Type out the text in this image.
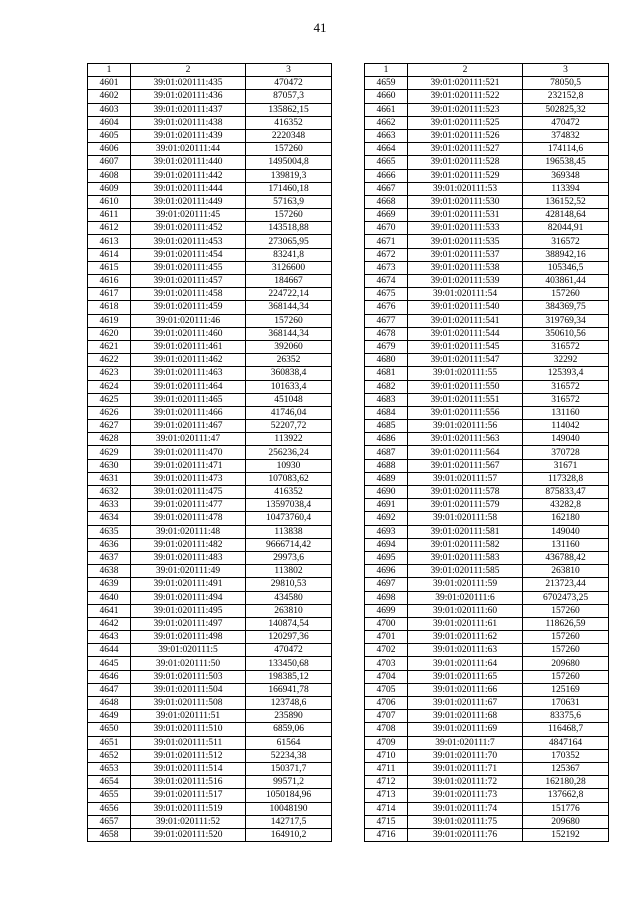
41
1	2	3
4601	39:01:020111:435	470472
4602	39:01:020111:436	87057,3
4603	39:01:020111:437	135862,15
4604	39:01:020111:438	416352
4605	39:01:020111:439	2220348
4606	39:01:020111:44	157260
4607	39:01:020111:440	1495004,8
4608	39:01:020111:442	139819,3
4609	39:01:020111:444	171460,18
4610	39:01:020111:449	57163,9
4611	39:01:020111:45	157260
4612	39:01:020111:452	143518,88
4613	39:01:020111:453	273065,95
4614	39:01:020111:454	83241,8
4615	39:01:020111:455	3126600
4616	39:01:020111:457	184667
4617	39:01:020111:458	224722,14
4618	39:01:020111:459	368144,34
4619	39:01:020111:46	157260
4620	39:01:020111:460	368144,34
4621	39:01:020111:461	392060
4622	39:01:020111:462	26352
4623	39:01:020111:463	360838,4
4624	39:01:020111:464	101633,4
4625	39:01:020111:465	451048
4626	39:01:020111:466	41746,04
4627	39:01:020111:467	52207,72
4628	39:01:020111:47	113922
4629	39:01:020111:470	256236,24
4630	39:01:020111:471	10930
4631	39:01:020111:473	107083,62
4632	39:01:020111:475	416352
4633	39:01:020111:477	13597038,4
4634	39:01:020111:478	10473760,4
4635	39:01:020111:48	113838
4636	39:01:020111:482	9666714,42
4637	39:01:020111:483	29973,6
4638	39:01:020111:49	113802
4639	39:01:020111:491	29810,53
4640	39:01:020111:494	434580
4641	39:01:020111:495	263810
4642	39:01:020111:497	140874,54
4643	39:01:020111:498	120297,36
4644	39:01:020111:5	470472
4645	39:01:020111:50	133450,68
4646	39:01:020111:503	198385,12
4647	39:01:020111:504	166941,78
4648	39:01:020111:508	123748,6
4649	39:01:020111:51	235890
4650	39:01:020111:510	6859,06
4651	39:01:020111:511	61564
4652	39:01:020111:512	52234,38
4653	39:01:020111:514	150371,7
4654	39:01:020111:516	99571,2
4655	39:01:020111:517	1050184,96
4656	39:01:020111:519	10048190
4657	39:01:020111:52	142717,5
4658	39:01:020111:520	164910,2
1	2	3
4659	39:01:020111:521	78050,5
4660	39:01:020111:522	232152,8
4661	39:01:020111:523	502825,32
4662	39:01:020111:525	470472
4663	39:01:020111:526	374832
4664	39:01:020111:527	174114,6
4665	39:01:020111:528	196538,45
4666	39:01:020111:529	369348
4667	39:01:020111:53	113394
4668	39:01:020111:530	136152,52
4669	39:01:020111:531	428148,64
4670	39:01:020111:533	82044,91
4671	39:01:020111:535	316572
4672	39:01:020111:537	388942,16
4673	39:01:020111:538	105346,5
4674	39:01:020111:539	403861,44
4675	39:01:020111:54	157260
4676	39:01:020111:540	384369,75
4677	39:01:020111:541	319769,34
4678	39:01:020111:544	350610,56
4679	39:01:020111:545	316572
4680	39:01:020111:547	32292
4681	39:01:020111:55	125393,4
4682	39:01:020111:550	316572
4683	39:01:020111:551	316572
4684	39:01:020111:556	131160
4685	39:01:020111:56	114042
4686	39:01:020111:563	149040
4687	39:01:020111:564	370728
4688	39:01:020111:567	31671
4689	39:01:020111:57	117328,8
4690	39:01:020111:578	875833,47
4691	39:01:020111:579	43282,8
4692	39:01:020111:58	162180
4693	39:01:020111:581	149040
4694	39:01:020111:582	131160
4695	39:01:020111:583	436788,42
4696	39:01:020111:585	263810
4697	39:01:020111:59	213723,44
4698	39:01:020111:6	6702473,25
4699	39:01:020111:60	157260
4700	39:01:020111:61	118626,59
4701	39:01:020111:62	157260
4702	39:01:020111:63	157260
4703	39:01:020111:64	209680
4704	39:01:020111:65	157260
4705	39:01:020111:66	125169
4706	39:01:020111:67	170631
4707	39:01:020111:68	83375,6
4708	39:01:020111:69	116468,7
4709	39:01:020111:7	4847164
4710	39:01:020111:70	170352
4711	39:01:020111:71	125367
4712	39:01:020111:72	162180,28
4713	39:01:020111:73	137662,8
4714	39:01:020111:74	151776
4715	39:01:020111:75	209680
4716	39:01:020111:76	152192
